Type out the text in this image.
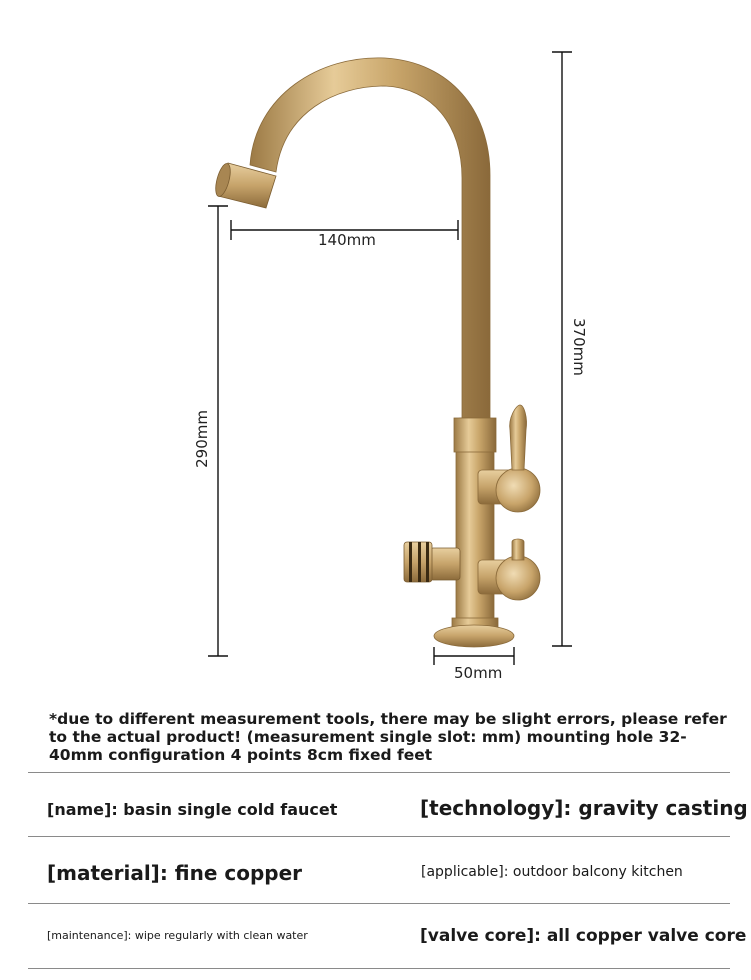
140mm
290mm
370mm
50mm
*due to different measurement tools, there may be slight errors, please refer to the actual product! (measurement single slot: mm) mounting hole 32-40mm configuration 4 points 8cm fixed feet
[name]: basin single cold faucet	[technology]: gravity casting
[material]: fine copper	[applicable]: outdoor balcony kitchen
[maintenance]: wipe regularly with clean water	[valve core]: all copper valve core
